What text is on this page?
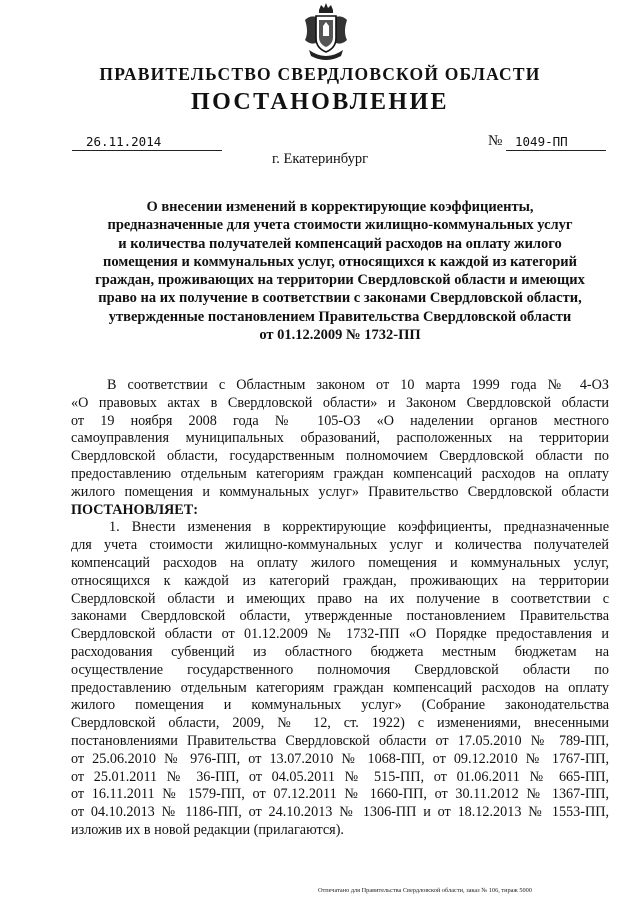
ПРАВИТЕЛЬСТВО СВЕРДЛОВСКОЙ ОБЛАСТИ
ПОСТАНОВЛЕНИЕ
26.11.2014	№ 1049-ПП
г. Екатеринбург
О внесении изменений в корректирующие коэффициенты,
предназначенные для учета стоимости жилищно-коммунальных услуг
и количества получателей компенсаций расходов на оплату жилого
помещения и коммунальных услуг, относящихся к каждой из категорий
граждан, проживающих на территории Свердловской области и имеющих
право на их получение в соответствии с законами Свердловской области,
утвержденные постановлением Правительства Свердловской области
от 01.12.2009 № 1732-ПП
В соответствии с Областным законом от 10 марта 1999 года № 4-ОЗ
«О правовых актах в Свердловской области» и Законом Свердловской области
от 19 ноября 2008 года № 105-ОЗ «О наделении органов местного
самоуправления муниципальных образований, расположенных на территории
Свердловской области, государственным полномочием Свердловской области по
предоставлению отдельным категориям граждан компенсаций расходов на оплату
жилого помещения и коммунальных услуг» Правительство Свердловской области
ПОСТАНОВЛЯЕТ:
1. Внести изменения в корректирующие коэффициенты, предназначенные
для учета стоимости жилищно-коммунальных услуг и количества получателей
компенсаций расходов на оплату жилого помещения и коммунальных услуг,
относящихся к каждой из категорий граждан, проживающих на территории
Свердловской области и имеющих право на их получение в соответствии с
законами Свердловской области, утвержденные постановлением Правительства
Свердловской области от 01.12.2009 № 1732-ПП «О Порядке предоставления и
расходования субвенций из областного бюджета местным бюджетам на
осуществление государственного полномочия Свердловской области по
предоставлению отдельным категориям граждан компенсаций расходов на оплату
жилого помещения и коммунальных услуг» (Собрание законодательства
Свердловской области, 2009, № 12, ст. 1922) с изменениями, внесенными
постановлениями Правительства Свердловской области от 17.05.2010 № 789-ПП,
от 25.06.2010 № 976-ПП, от 13.07.2010 № 1068-ПП, от 09.12.2010 № 1767-ПП,
от 25.01.2011 № 36-ПП, от 04.05.2011 № 515-ПП, от 01.06.2011 № 665-ПП,
от 16.11.2011 № 1579-ПП, от 07.12.2011 № 1660-ПП, от 30.11.2012 № 1367-ПП,
от 04.10.2013 № 1186-ПП, от 24.10.2013 № 1306-ПП и от 18.12.2013 № 1553-ПП,
изложив их в новой редакции (прилагаются).
Отпечатано для Правительства Свердловской области, заказ № 106, тираж 5000
